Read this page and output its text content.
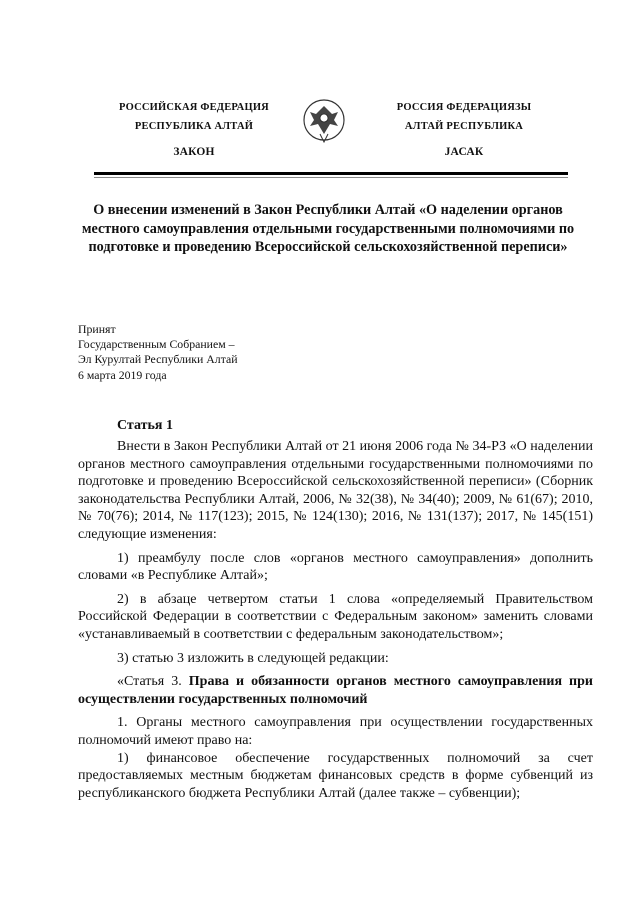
РОССИЙСКАЯ ФЕДЕРАЦИЯ
РЕСПУБЛИКА АЛТАЙ
ЗАКОН
РОССИЯ ФЕДЕРАЦИЯЗЫ
АЛТАЙ РЕСПУБЛИКА
JАСАК
О внесении изменений в Закон Республики Алтай «О наделении органов местного самоуправления отдельными государственными полномочиями по подготовке и проведению Всероссийской сельскохозяйственной переписи»
Принят
Государственным Собранием –
Эл Курултай Республики Алтай
6 марта 2019 года
Статья 1

Внести в Закон Республики Алтай от 21 июня 2006 года № 34-РЗ «О наделении органов местного самоуправления отдельными государственными полномочиями по подготовке и проведению Всероссийской сельскохозяйственной переписи» (Сборник законодательства Республики Алтай, 2006, № 32(38), № 34(40); 2009, № 61(67); 2010, № 70(76); 2014, № 117(123); 2015, № 124(130); 2016, № 131(137); 2017, № 145(151) следующие изменения:

1) преамбулу после слов «органов местного самоуправления» дополнить словами «в Республике Алтай»;

2) в абзаце четвертом статьи 1 слова «определяемый Правительством Российской Федерации в соответствии с Федеральным законом» заменить словами «устанавливаемый в соответствии с федеральным законодательством»;

3) статью 3 изложить в следующей редакции:

«Статья 3. Права и обязанности органов местного самоуправления при осуществлении государственных полномочий

1. Органы местного самоуправления при осуществлении государственных полномочий имеют право на:

1) финансовое обеспечение государственных полномочий за счет предоставляемых местным бюджетам финансовых средств в форме субвенций из республиканского бюджета Республики Алтай (далее также – субвенции);
